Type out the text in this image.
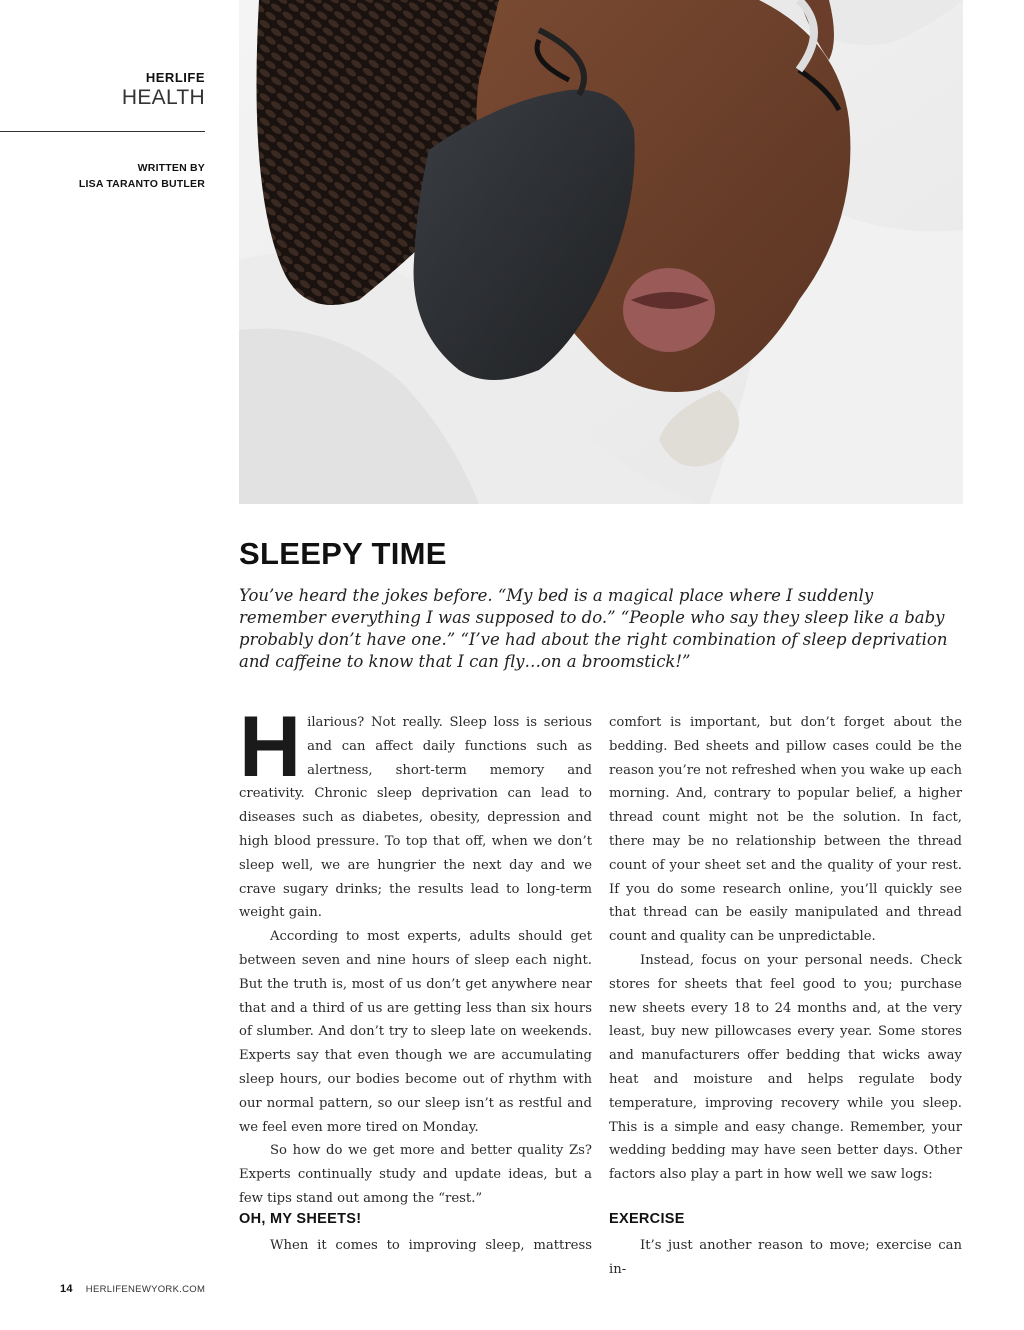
HERLIFE
HEALTH
WRITTEN BY
LISA TARANTO BUTLER
SLEEPY TIME

You’ve heard the jokes before. “My bed is a magical place where I suddenly remember everything I was supposed to do.” “People who say they sleep like a baby probably don’t have one.” “I’ve had about the right combination of sleep deprivation and caffeine to know that I can fly…on a broomstick!”

Hilarious? Not really. Sleep loss is serious and can affect daily functions such as alertness, short-term memory and creativity. Chronic sleep deprivation can lead to diseases such as diabetes, obesity, depression and high blood pressure. To top that off, when we don’t sleep well, we are hungrier the next day and we crave sugary drinks; the results lead to long-term weight gain.

According to most experts, adults should get between seven and nine hours of sleep each night. But the truth is, most of us don’t get anywhere near that and a third of us are getting less than six hours of slumber. And don’t try to sleep late on weekends. Experts say that even though we are accumulating sleep hours, our bodies become out of rhythm with our normal pattern, so our sleep isn’t as restful and we feel even more tired on Monday.

So how do we get more and better quality Zs? Experts continually study and update ideas, but a few tips stand out among the “rest.”

comfort is important, but don’t forget about the bedding. Bed sheets and pillow cases could be the reason you’re not refreshed when you wake up each morning. And, contrary to popular belief, a higher thread count might not be the solution. In fact, there may be no relationship between the thread count of your sheet set and the quality of your rest. If you do some research online, you’ll quickly see that thread can be easily manipulated and thread count and quality can be unpredictable.

Instead, focus on your personal needs. Check stores for sheets that feel good to you; purchase new sheets every 18 to 24 months and, at the very least, buy new pillowcases every year. Some stores and manufacturers offer bedding that wicks away heat and moisture and helps regulate body temperature, improving recovery while you sleep. This is a simple and easy change. Remember, your wedding bedding may have seen better days. Other factors also play a part in how well we saw logs:

OH, MY SHEETS!

When it comes to improving sleep, mattress

EXERCISE

It’s just another reason to move; exercise can in-

14 HERLIFENEWYORK.COM
